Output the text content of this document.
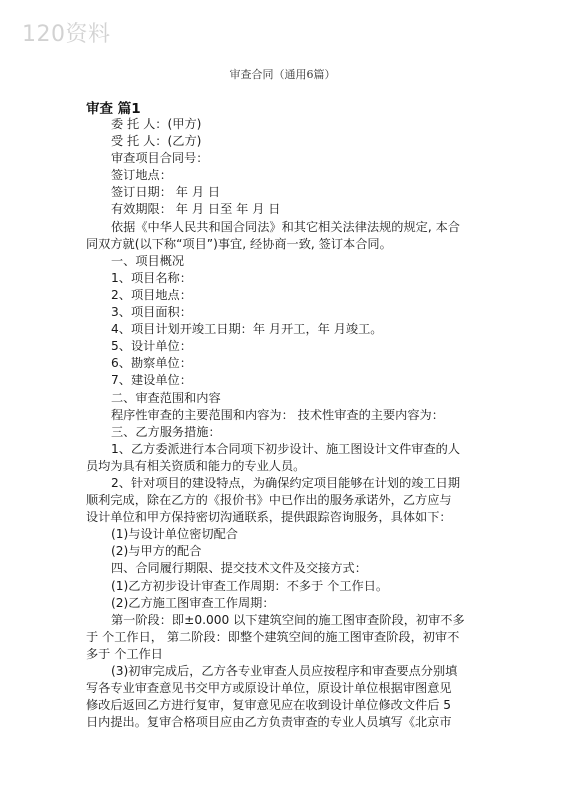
120资料
审查合同（通用6篇）
审查 篇1

委 托 人：(甲方)

受 托 人：(乙方)

审查项目合同号：

签订地点：

签订日期： 年 月 日

有效期限： 年 月 日至 年 月 日

依据《中华人民共和国合同法》和其它相关法律法规的规定, 本合

同双方就(以下称“项目”)事宜, 经协商一致, 签订本合同。

一、项目概况

1、项目名称：

2、项目地点：

3、项目面积：

4、项目计划开竣工日期：年 月开工，年 月竣工。

5、设计单位：

6、勘察单位：

7、建设单位：

二、审查范围和内容

程序性审查的主要范围和内容为： 技术性审查的主要内容为：

三、乙方服务措施：

1、乙方委派进行本合同项下初步设计、施工图设计文件审查的人

员均为具有相关资质和能力的专业人员。

2、针对项目的建设特点，为确保约定项目能够在计划的竣工日期

顺利完成，除在乙方的《报价书》中已作出的服务承诺外，乙方应与

设计单位和甲方保持密切沟通联系，提供跟踪咨询服务，具体如下：

(1)与设计单位密切配合

(2)与甲方的配合

四、合同履行期限、提交技术文件及交接方式：

(1)乙方初步设计审查工作周期：不多于 个工作日。

(2)乙方施工图审查工作周期：

第一阶段：即±0.000 以下建筑空间的施工图审查阶段，初审不多

于 个工作日， 第二阶段：即整个建筑空间的施工图审查阶段，初审不

多于 个工作日

(3)初审完成后，乙方各专业审查人员应按程序和审查要点分别填

写各专业审查意见书交甲方或原设计单位，原设计单位根据审图意见

修改后返回乙方进行复审，复审意见应在收到设计单位修改文件后 5

日内提出。复审合格项目应由乙方负责审查的专业人员填写《北京市
